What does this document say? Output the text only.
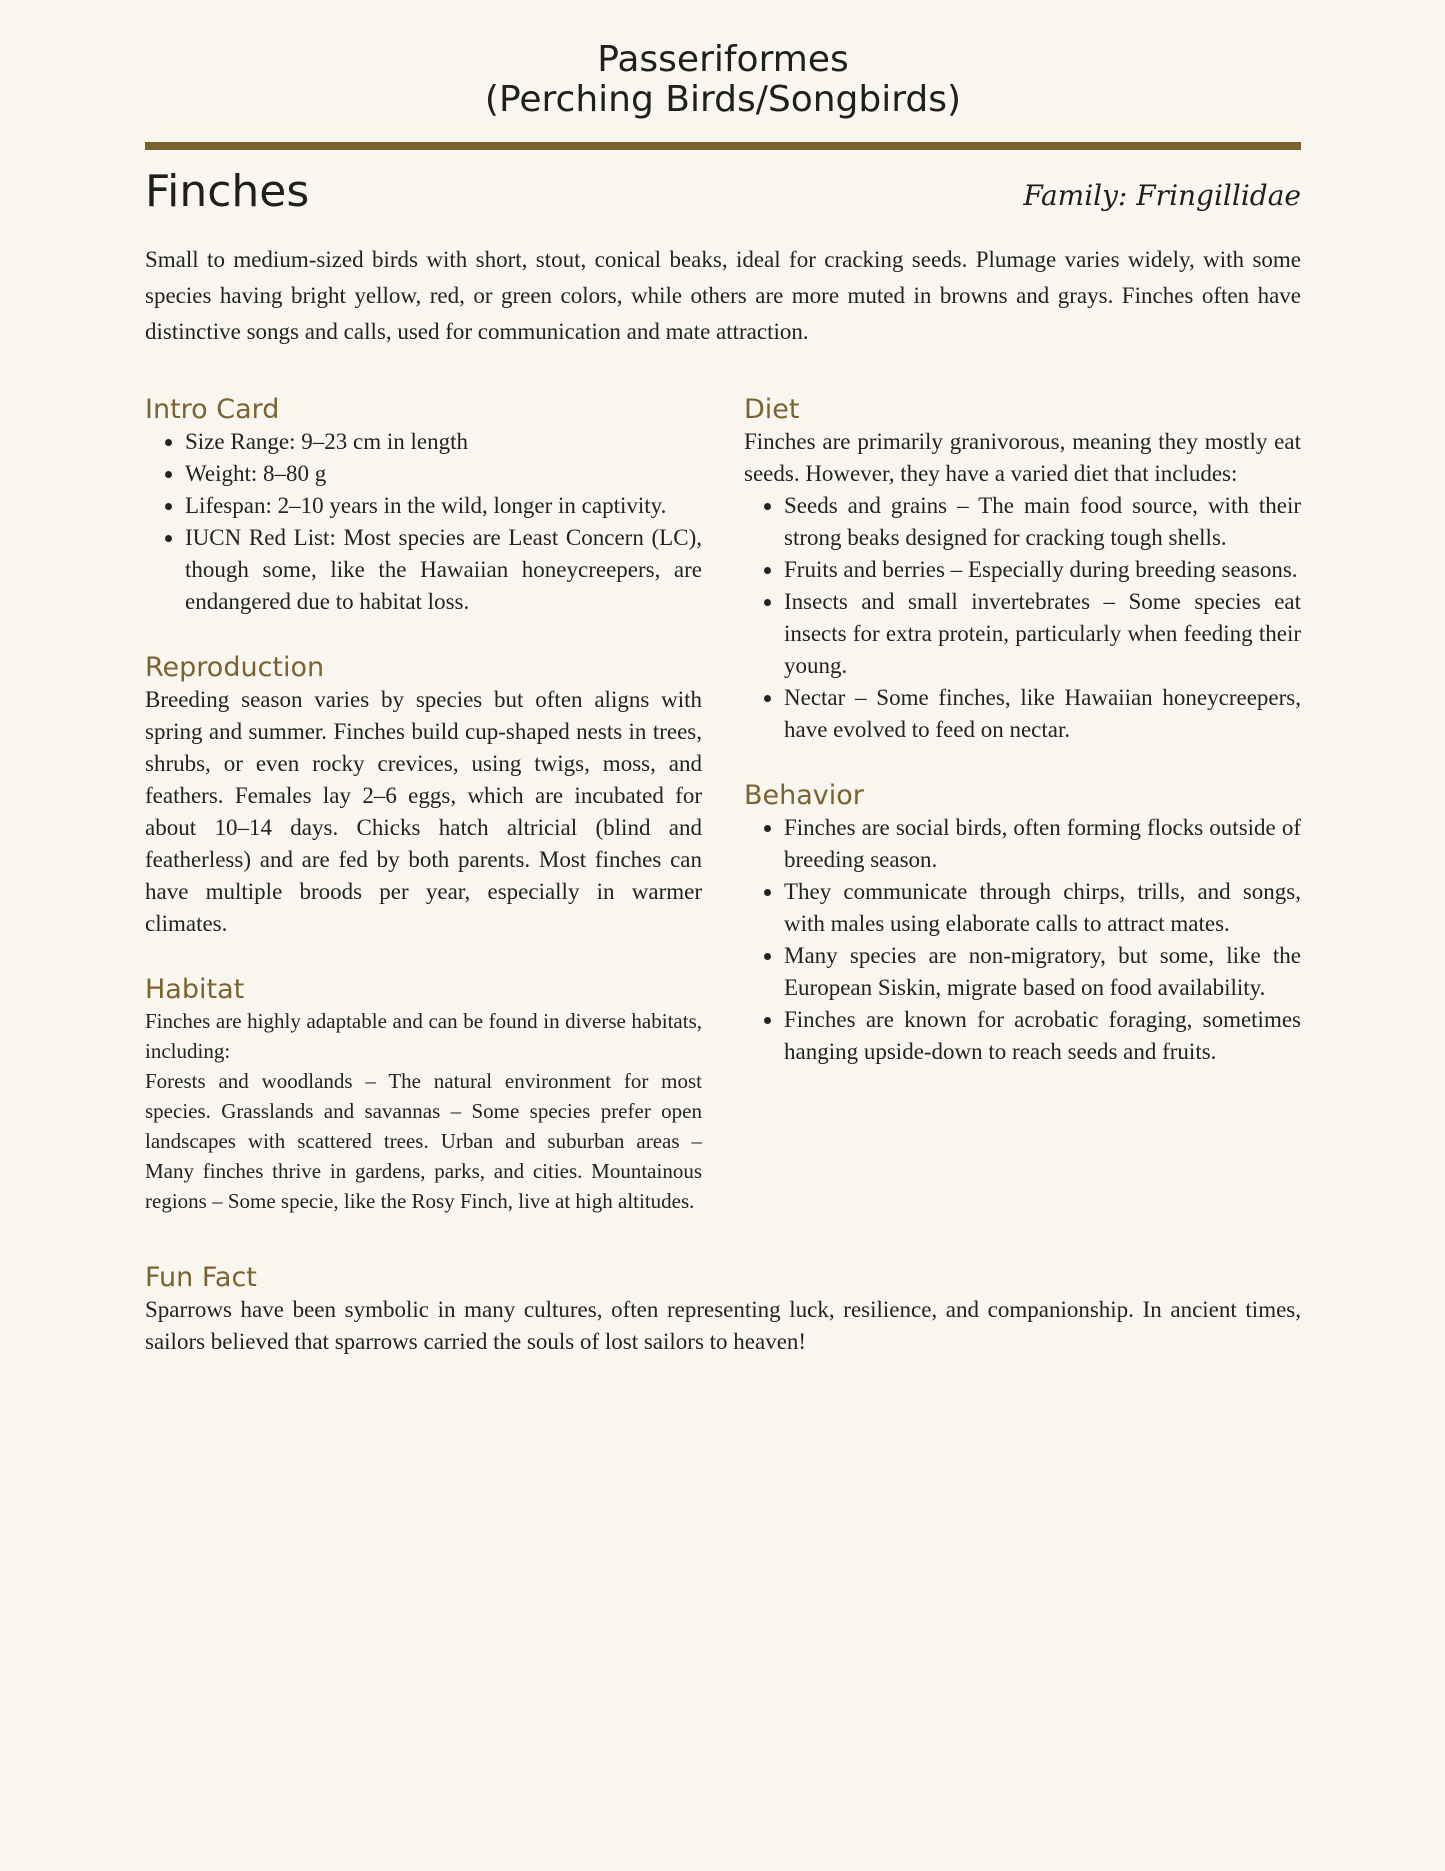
Passeriformes
(Perching Birds/Songbirds)
Finches	Family: Fringillidae

Small to medium-sized birds with short, stout, conical beaks, ideal for cracking seeds. Plumage varies widely, with some species having bright yellow, red, or green colors, while others are more muted in browns and grays. Finches often have distinctive songs and calls, used for communication and mate attraction.

Intro Card
• Size Range: 9–23 cm in length
• Weight: 8–80 g
• Lifespan: 2–10 years in the wild, longer in captivity.
• IUCN Red List: Most species are Least Concern (LC), though some, like the Hawaiian honeycreepers, are endangered due to habitat loss.
Reproduction

Breeding season varies by species but often aligns with spring and summer. Finches build cup-shaped nests in trees, shrubs, or even rocky crevices, using twigs, moss, and feathers. Females lay 2–6 eggs, which are incubated for about 10–14 days. Chicks hatch altricial (blind and featherless) and are fed by both parents. Most finches can have multiple broods per year, especially in warmer climates.

Habitat

Finches are highly adaptable and can be found in diverse habitats, including:

Forests and woodlands – The natural environment for most species. Grasslands and savannas – Some species prefer open landscapes with scattered trees. Urban and suburban areas – Many finches thrive in gardens, parks, and cities. Mountainous regions – Some specie, like the Rosy Finch, live at high altitudes.

Diet

Finches are primarily granivorous, meaning they mostly eat seeds. However, they have a varied diet that includes:

• Seeds and grains – The main food source, with their strong beaks designed for cracking tough shells.
• Fruits and berries – Especially during breeding seasons.
• Insects and small invertebrates – Some species eat insects for extra protein, particularly when feeding their young.
• Nectar – Some finches, like Hawaiian honeycreepers, have evolved to feed on nectar.
Behavior
• Finches are social birds, often forming flocks outside of breeding season.
• They communicate through chirps, trills, and songs, with males using elaborate calls to attract mates.
• Many species are non-migratory, but some, like the European Siskin, migrate based on food availability.
• Finches are known for acrobatic foraging, sometimes hanging upside-down to reach seeds and fruits.
Fun Fact

Sparrows have been symbolic in many cultures, often representing luck, resilience, and companionship. In ancient times, sailors believed that sparrows carried the souls of lost sailors to heaven!
